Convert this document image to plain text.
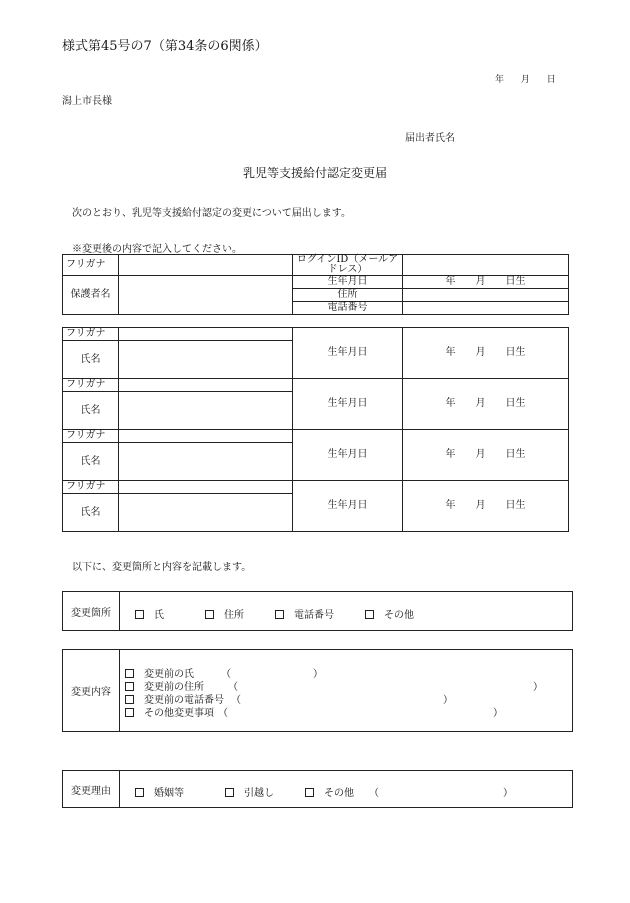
様式第45号の7（第34条の6関係）
年 月 日
潟上市長様
届出者氏名
乳児等支援給付認定変更届
次のとおり、乳児等支援給付認定の変更について届出します。
※変更後の内容で記入してください。
フリガナ		ログインID（メールアドレス）	
保護者名		生年月日	年　　月　　日生
		住所	
		電話番号	
フリガナ		生年月日	年　　月　　日生
氏名			
フリガナ		生年月日	年　　月　　日生
氏名			
フリガナ		生年月日	年　　月　　日生
氏名			
フリガナ		生年月日	年　　月　　日生
氏名			
以下に、変更箇所と内容を記載します。
変更箇所	氏	住所	電話番号	その他
変更内容
変更前の氏	（	）
変更前の住所 （	）
変更前の電話番号 （	）
その他変更事項 （	）
変更理由	婚姻等	引越し	その他 （	）
